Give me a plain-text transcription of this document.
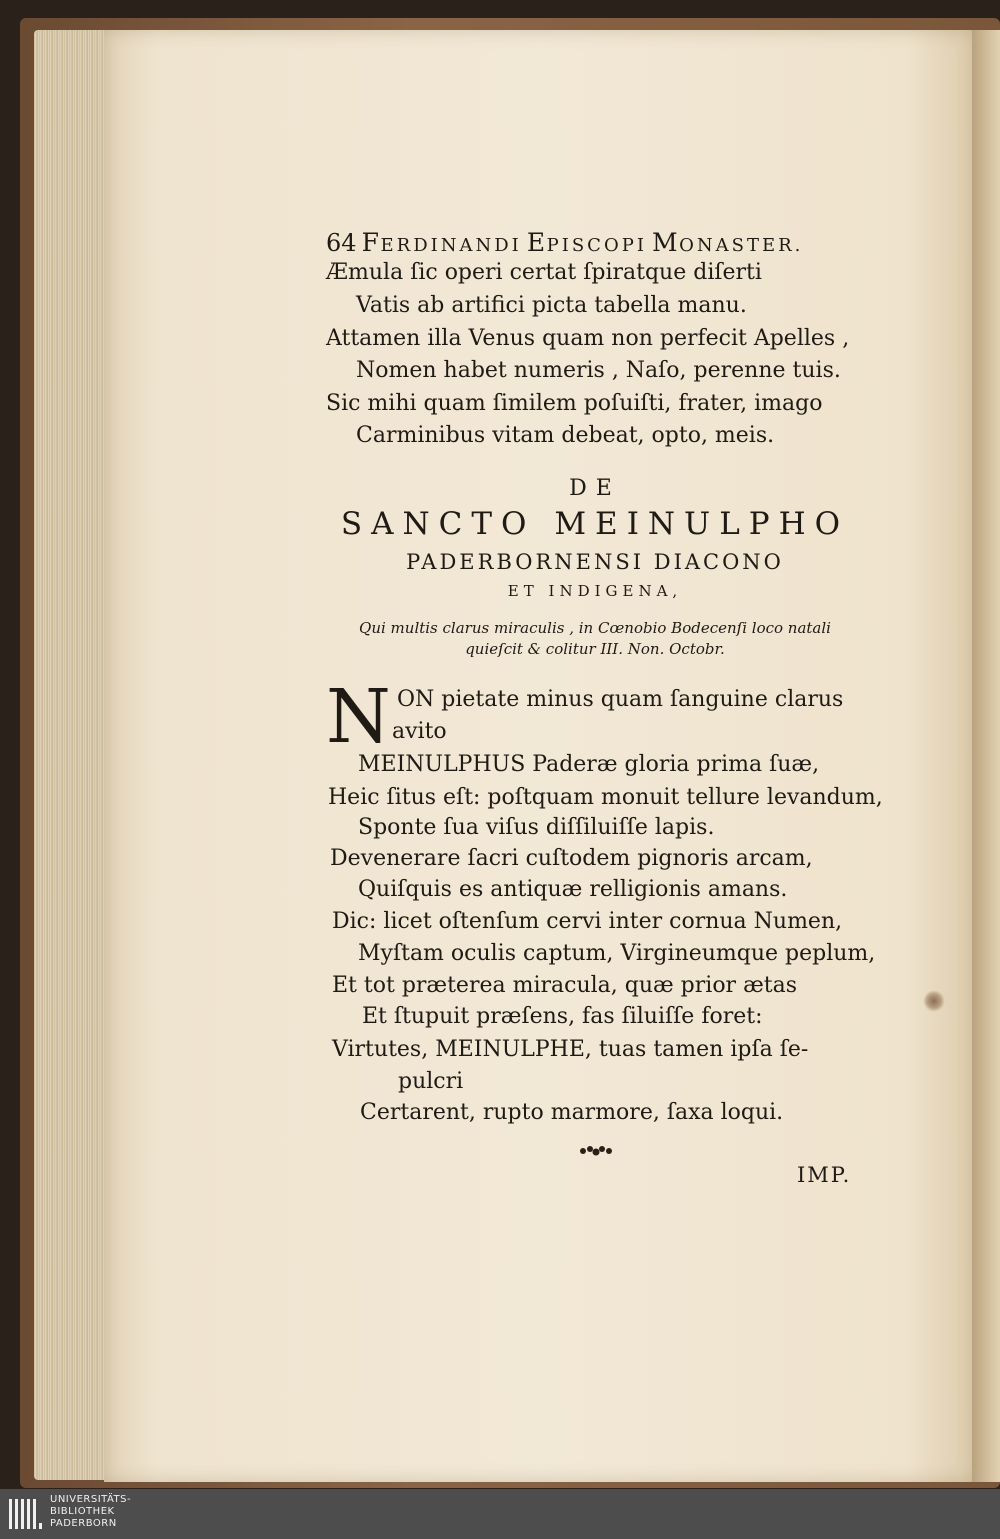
64 FERDINANDI EPISCOPI MONASTER.
Æmula ſic operi certat ſpiratque diſerti
Vatis ab artifici picta tabella manu.
Attamen illa Venus quam non perfecit Apelles ,
Nomen habet numeris , Naſo, perenne tuis.
Sic mihi quam ſimilem poſuiſti, frater, imago
Carminibus vitam debeat, opto, meis.
DE
SANCTO MEINULPHO
PADERBORNENSI DIACONO
ET INDIGENA,
Qui multis clarus miraculis , in Cœnobio Bodecenſi loco natali
quieſcit & colitur III. Non. Octobr.
N ON pietate minus quam ſanguine clarus
avito
MEINULPHUS Paderæ gloria prima ſuæ,
Heic ſitus eſt: poſtquam monuit tellure levandum,
Sponte ſua viſus diſſiluiſſe lapis.
Devenerare ſacri cuſtodem pignoris arcam,
Quiſquis es antiquæ relligionis amans.
Dic: licet oſtenſum cervi inter cornua Numen,
Myſtam oculis captum, Virgineumque peplum,
Et tot præterea miracula, quæ prior ætas
Et ſtupuit præſens, fas ſiluiſſe foret:
Virtutes, MEINULPHE, tuas tamen ipſa ſe-
pulcri
Certarent, rupto marmore, ſaxa loqui.
IMP.
UNIVERSITÄTS-
BIBLIOTHEK
PADERBORN
